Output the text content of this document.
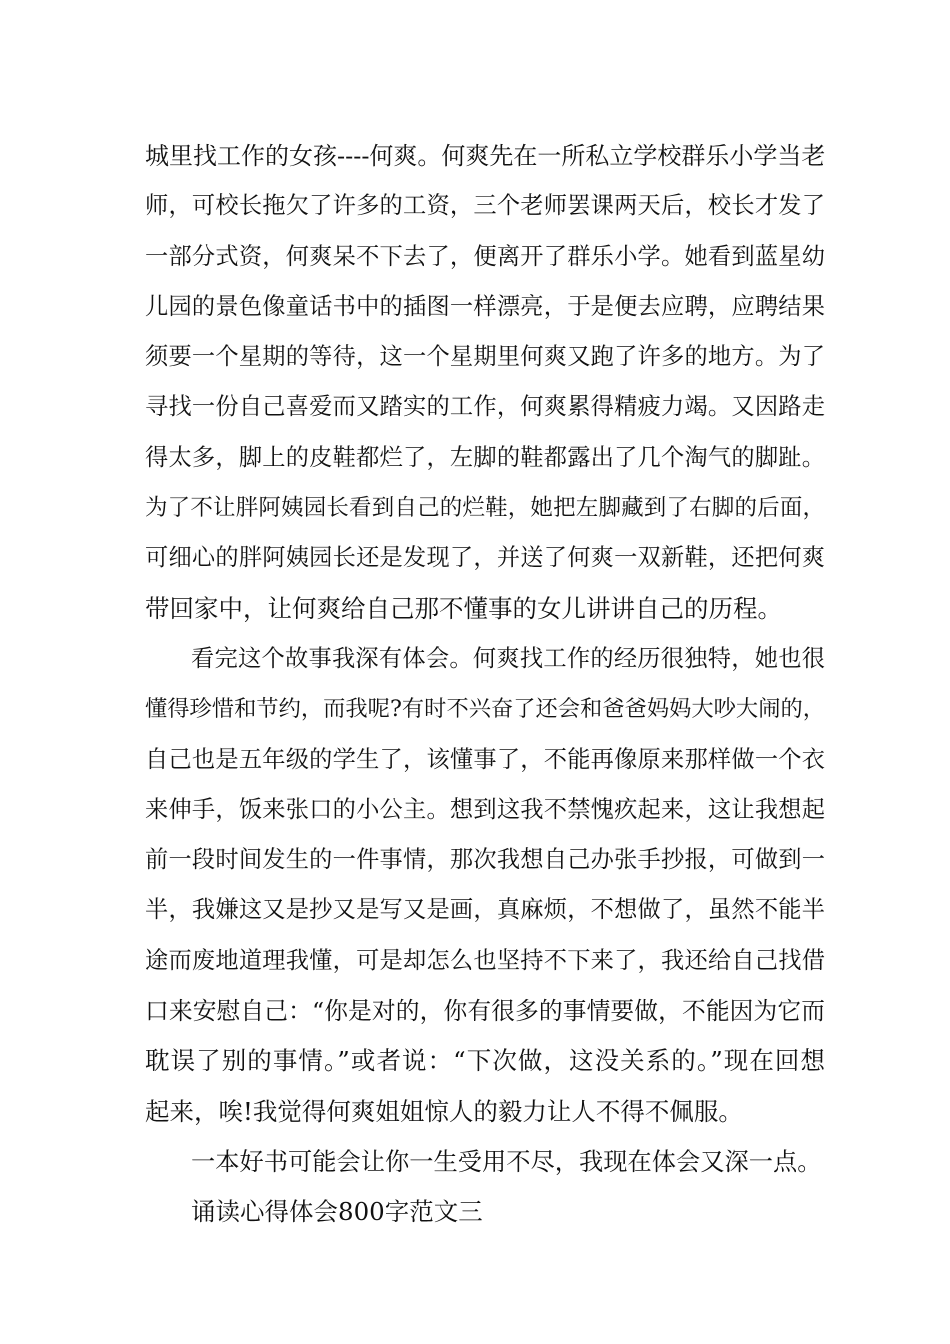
城里找工作的女孩----何爽。何爽先在一所私立学校群乐小学当老
师，可校长拖欠了许多的工资，三个老师罢课两天后，校长才发了
一部分式资，何爽呆不下去了，便离开了群乐小学。她看到蓝星幼
儿园的景色像童话书中的插图一样漂亮，于是便去应聘，应聘结果
须要一个星期的等待，这一个星期里何爽又跑了许多的地方。为了
寻找一份自己喜爱而又踏实的工作，何爽累得精疲力竭。又因路走
得太多，脚上的皮鞋都烂了，左脚的鞋都露出了几个淘气的脚趾。
为了不让胖阿姨园长看到自己的烂鞋，她把左脚藏到了右脚的后面，
可细心的胖阿姨园长还是发现了，并送了何爽一双新鞋，还把何爽
带回家中，让何爽给自己那不懂事的女儿讲讲自己的历程。
看完这个故事我深有体会。何爽找工作的经历很独特，她也很
懂得珍惜和节约，而我呢?有时不兴奋了还会和爸爸妈妈大吵大闹的，
自己也是五年级的学生了，该懂事了，不能再像原来那样做一个衣
来伸手，饭来张口的小公主。想到这我不禁愧疚起来，这让我想起
前一段时间发生的一件事情，那次我想自己办张手抄报，可做到一
半，我嫌这又是抄又是写又是画，真麻烦，不想做了，虽然不能半
途而废地道理我懂，可是却怎么也坚持不下来了，我还给自己找借
口来安慰自己：“你是对的，你有很多的事情要做，不能因为它而
耽误了别的事情。”或者说：“下次做，这没关系的。”现在回想
起来，唉!我觉得何爽姐姐惊人的毅力让人不得不佩服。
一本好书可能会让你一生受用不尽，我现在体会又深一点。
诵读心得体会800字范文三
